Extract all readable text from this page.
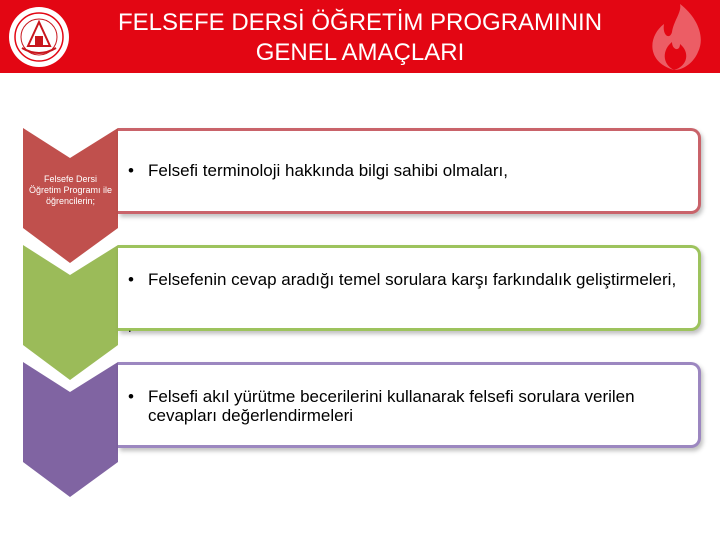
FELSEFE DERSİ ÖĞRETİM PROGRAMININ
GENEL AMAÇLARI
Felsefe Dersi Öğretim Programı ile öğrencilerin;
• Felsefi terminoloji hakkında bilgi sahibi olmaları,
• Felsefenin cevap aradığı temel sorulara karşı farkındalık geliştirmeleri,
.
• Felsefi akıl yürütme becerilerini kullanarak felsefi sorulara verilen cevapları değerlendirmeleri
